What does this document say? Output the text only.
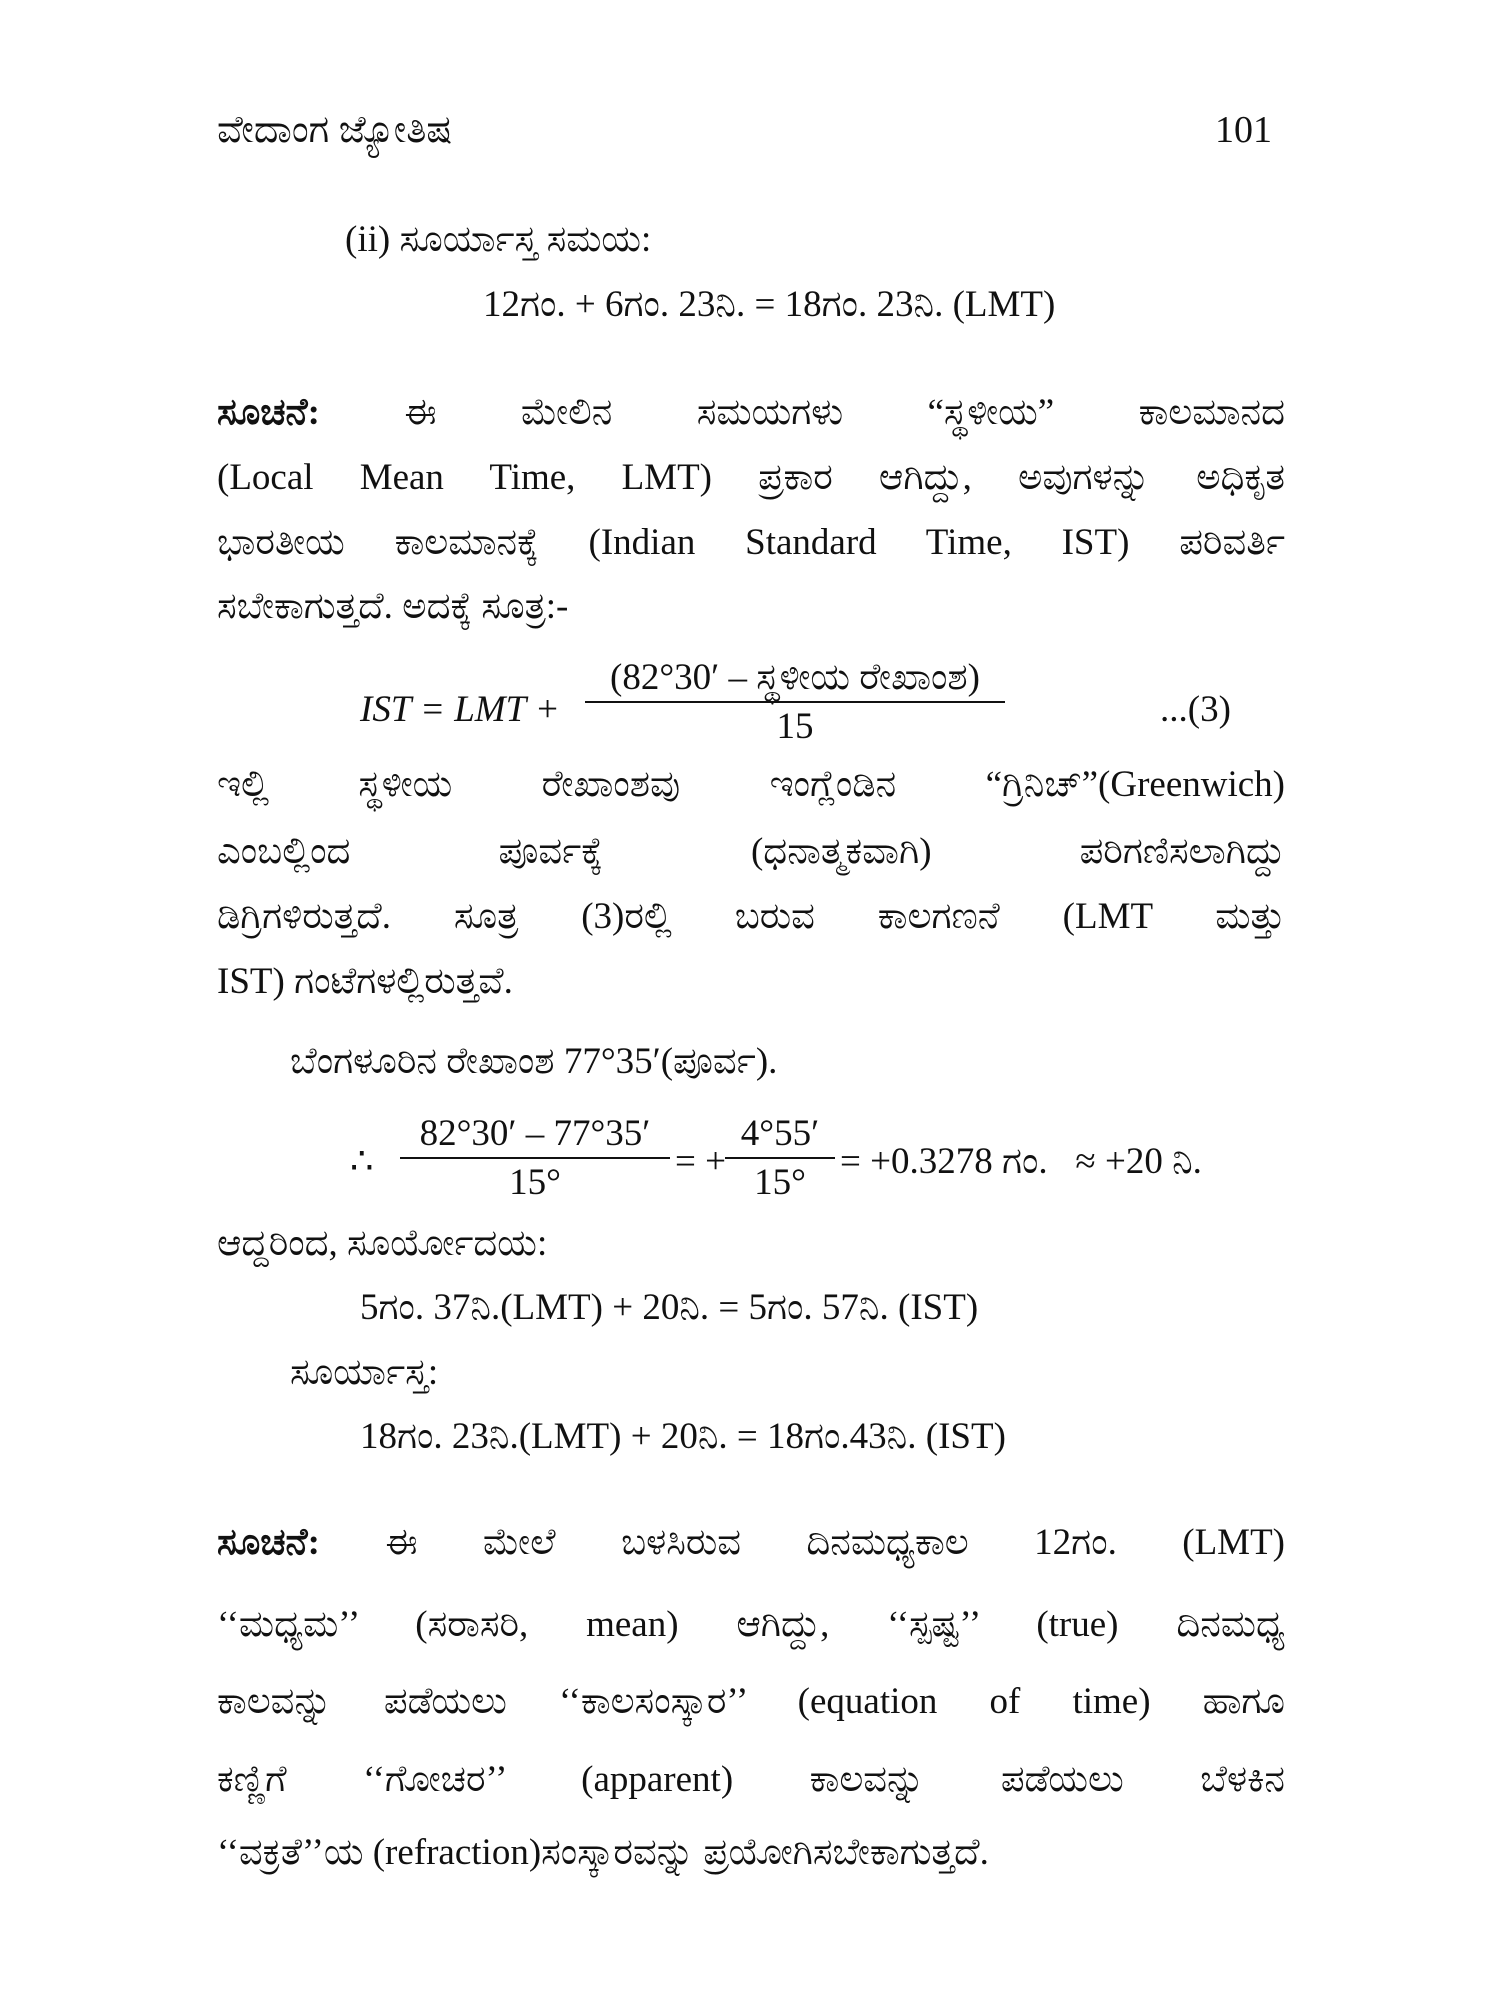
ವೇದಾಂಗ ಜ್ಯೋತಿಷ	101
(ii) ಸೂರ್ಯಾಸ್ತ ಸಮಯ:
12ಗಂ. + 6ಗಂ. 23ನಿ. = 18ಗಂ. 23ನಿ. (LMT)
ಸೂಚನೆ: ಈ ಮೇಲಿನ ಸಮಯಗಳು “ಸ್ಥಳೀಯ” ಕಾಲಮಾನದ
(Local Mean Time, LMT) ಪ್ರಕಾರ ಆಗಿದ್ದು, ಅವುಗಳನ್ನು ಅಧಿಕೃತ
ಭಾರತೀಯ ಕಾಲಮಾನಕ್ಕೆ (Indian Standard Time, IST) ಪರಿವರ್ತಿ
ಸಬೇಕಾಗುತ್ತದೆ. ಅದಕ್ಕೆ ಸೂತ್ರ:-
IST = LMT +
(82°30′ – ಸ್ಥಳೀಯ ರೇಖಾಂಶ)
15	...(3)
ಇಲ್ಲಿ ಸ್ಥಳೀಯ ರೇಖಾಂಶವು ಇಂಗ್ಲೆಂಡಿನ “ಗ್ರಿನಿಚ್”(Greenwich)
ಎಂಬಲ್ಲಿಂದ ಪೂರ್ವಕ್ಕೆ (ಧನಾತ್ಮಕವಾಗಿ) ಪರಿಗಣಿಸಲಾಗಿದ್ದು
ಡಿಗ್ರಿಗಳಿರುತ್ತದೆ. ಸೂತ್ರ (3)ರಲ್ಲಿ ಬರುವ ಕಾಲಗಣನೆ (LMT ಮತ್ತು
IST) ಗಂಟೆಗಳಲ್ಲಿರುತ್ತವೆ.
ಬೆಂಗಳೂರಿನ ರೇಖಾಂಶ 77°35′(ಪೂರ್ವ).
∴ $\frac{82^\circ 30' - 77^\circ 35'}{15^\circ}$ = + $\frac{4^\circ 55'}{15^\circ} = +0.3278$ ಗಂ.   ≈ +20 ನಿ.
ಆದ್ದರಿಂದ, ಸೂರ್ಯೋದಯ:
5ಗಂ. 37ನಿ.(LMT) + 20ನಿ. = 5ಗಂ. 57ನಿ. (IST)
ಸೂರ್ಯಾಸ್ತ:
18ಗಂ. 23ನಿ.(LMT) + 20ನಿ. = 18ಗಂ.43ನಿ. (IST)
ಸೂಚನೆ: ಈ ಮೇಲೆ ಬಳಸಿರುವ ದಿನಮಧ್ಯಕಾಲ 12ಗಂ. (LMT)
‘‘ಮಧ್ಯಮ’’ (ಸರಾಸರಿ, mean) ಆಗಿದ್ದು, ‘‘ಸ್ಪಷ್ಟ’’ (true) ದಿನಮಧ್ಯ
ಕಾಲವನ್ನು ಪಡೆಯಲು ‘‘ಕಾಲಸಂಸ್ಕಾರ’’ (equation of time) ಹಾಗೂ
ಕಣ್ಣಿಗೆ ‘‘ಗೋಚರ’’ (apparent) ಕಾಲವನ್ನು ಪಡೆಯಲು ಬೆಳಕಿನ
‘‘ವಕ್ರತೆ’’ಯ (refraction)ಸಂಸ್ಕಾರವನ್ನು ಪ್ರಯೋಗಿಸಬೇಕಾಗುತ್ತದೆ.
